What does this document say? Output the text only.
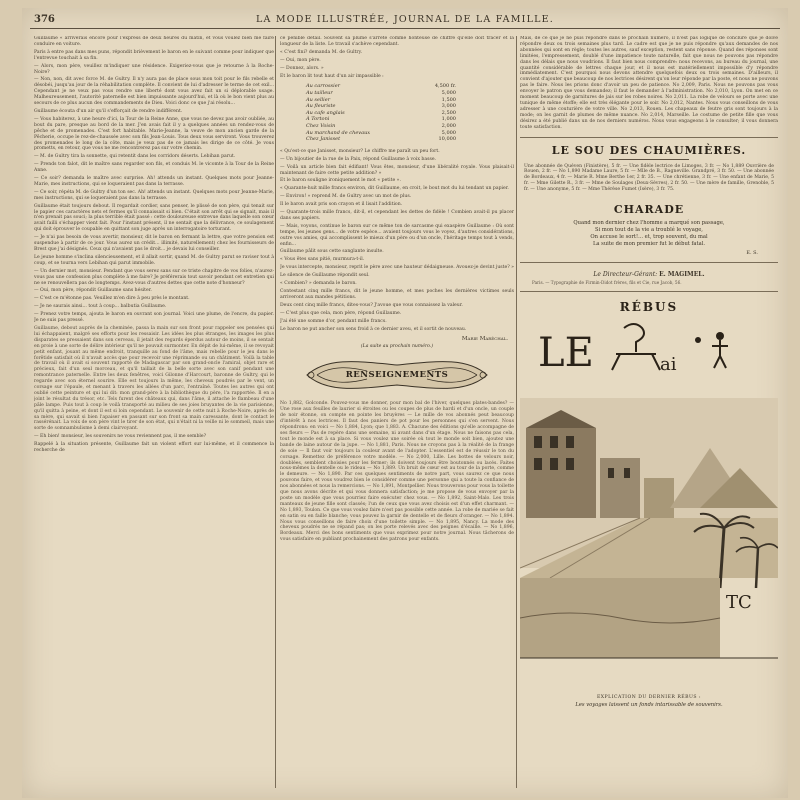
376	LA MODE ILLUSTRÉE, JOURNAL DE LA FAMILLE.

Guillaume « arriverais encore pour l'express de deux heures du matin, et vous voulez bien me faire conduire en voiture.

Paris à entre pas dans mes puns, répondit brièvement le baron en le suivant comme pour indiquer que l'entrevue touchait à sa fin.

— Alors, mon père, veuillez m'indiquer une résidence. Exigeriez-vous que je retourne à la Roche-Noire?

— Non, non, dit avec force M. de Gultry. Il n'y aura pas de place sous mon toit pour le fils rebelle et désobéi, jusqu'au jour de la réhabilitation complète. Il convient de lui d'adresser le terme de cet exil... Cependant je ne veux pas vous rendre une liberté dont vous avez fait un si déplorable usage. Malheureusement, l'autorité paternelle est bien impuissante aujourd'hui, et là où le bon vient plus au secours de ce plus aucun des commandements de Dieu. Voici donc ce que j'ai résolu...

Guillaume écouta d'un air qu'il s'efforçait de rendre indifférent.

— Vous habiterez, à une heure d'ici, la Tour de la Reine Anne, que vous ne devez pas avoir oubliée, au bout du pare, presque au bord de la mer. J'en avais fait il y a quelques années un rendez-vous de pêche et de promenades. C'est fort habitable. Marie-Jeanne, la veuve de mon ancien garde de la Pêcherie, occupe le rez-de-chaussée avec son fils Jean-Louis. Tous deux vous serviront. Vous trouverez des promenades le long de la côte, mais je veux pas de ce jamais les dirige de ce côté. Je vous prometts, en retour, que vous ne me rencontrerez pas sur votre chemin.

— M. de Gultry tira la sonnette, qui retentit dans les corridors déserts. Lebihan parut.

— Prends ton falot, dit le maître sans regarder son fils, et conduis M. le vicomte à la Tour de la Reine Anne.

— Ce soir? demanda le maître avec surprise. Ah! attends un instant. Quelques mots pour Jeanne-Marie, mes instructions, qui se loqueraient pas dans la terrasse.

— Ce soir, répéta M. de Gultry d'un ton sec. Ah! attends un instant. Quelques mots pour Jeanne-Marie, mes instructions, qui se loqueraient pas dans la terrasse.

Guillaume était toujours debout. Il regardait cordier, sans penser, le plissé de son père, qui tenait sur le papier ces caractères nets et fermes qu'il connaissait si bien. C'était son arrêt qui se signait, mais il n'en prenait pas souci; la plus terrible était passé : cette douloureuse entrevue dans laquelle son cœur avait failli s'échapper vient fait. Pour l'instant présent, il ne sentait que la délivrance, ce soulagement qui doit éprouver le coupable en quittant son juge après un interrogatoire torturant.

— Je n'ai pas besoin de vous avertir, monsieur, dit le baron en fermant la lettre, que votre pension est suspendue à partir de ce jour. Vous aurez un crédit... illimité, naturellement) chez les fournisseurs de Brest que j'ai désignés. Ceux qui n'avaient pas le droit... je devais lui conseiller.

Le jeune homme s'inclina silencieusement, et il allait sortir, quand M. de Gultry parut se raviser tout à coup, et se tourna vers Lebihan qui parut immobile.

— Un dernier mot, monsieur. Pendant que vous serez sans sur ce triste chapitre de vos folies, n'aurez-vous pas une confession plus complète à me faire? Je préférerais tout savoir pendant cet entretien qui ne se renouvellera pas de longtemps. Avez-vous d'autres dettes que cette note d'honneur?

— Oui, mon père, répondit Guillaume sans hésiter.

— C'est ce m'étonne pas. Veuillez m'en dire à peu près le montant.

— Je ne saurais ainsi... tout à coup... balbutia Guillaume.

— Prenez votre temps, ajouta le baron en ouvrant son journal. Voici une plume, de l'encre, du papier. Je ne suis pas pressé.

Guillaume, debout auprès de la cheminée, passa la main sur son front pour rappeler ses pensées qui lui échappaient, malgré ses efforts pour les ressaisir. Les idées les plus étranges, les images les plus disparates se pressaient dans son cerveau, il jetait des regards éperdus autour de moins, il se sentait en proie à une sorte de délire intérieur qu'il ne pouvait surmonter. En dépit de lui-même, il se revoyait petit enfant, jouant au même endroit, tranquille au fond de l'âme, mais rebelle pour le jeu dans le forêtide satisfait où il n'avait accès que pour recevoir une réprimande ou un châtiment. Voilà la table de travail où il avait si souvent rapporté de Madagascar par son grand-oncle l'amiral, objet rare et précieux, fait d'un seul morceau, et qu'il taillait de la belle sorte avec son canif pendant une remontrance paternelle. Entre les deux fenêtres, voici Gilonne d'Harcourt, baronne de Gultry, qui le regarde avec son éternel sourire. Elle est toujours la même, les cheveux poudrés par le vent, un corsage sur l'épaule, et menant à travers les allées d'un parc, l'entraîné. Toutes les autres qui ont oublié cette peinture et qui lui dit: mon grand-père à la bibliothèque du père, l'a rapportée. Il en a joint le résultat du trésor, etc. Tels furent des châteaux qui, dans l'âme, il attache le flambeau d'une pâle lampe. Puis tout à coup le voilà transporté au milieu de ses joies bruyantes de la vie parisienne, qu'il quitta à peine, et dont il est si loin cependant. Le souvenir de cette nuit à Roche-Noire, après de sa mère, qui savait si bien l'apaiser en passant sur son front sa main caressante, dont le contact le rassérénait. La voix de son père vint le tirer de son état, qui n'était ni la veille ni le sommeil, mais une sorte de somnambulisme à demi clairvoyant.

— Eh bien! monsieur, les souvenirs ne vous reviennent pas, il me semble?

Rappelé à la situation présente, Guillaume fait un violent effort sur lui-même, et il commence la recherche de

ce pénible détail. Souvent sa plume s'arrête comme honteuse de chiffre qu'elle doit tracer et la longueur de la liste. Le travail s'achève cependant.

« C'est fini? demanda M. de Gultry.

— Oui, mon père.

— Donnez, alors. »

Et le baron lit tout haut d'un air impassible :

Au carrossier	4,500 fr.
Au tailleur	5,000
Au sellier	1,500
Au fleuriste	3,000
Au cafe anglais	2,500
À Tortoni	1,000
Chez Voisin	2,000
Au marchand de chevaux	5,000
Chez Janisset	10,000

« Qu'est-ce que Janisset, monsieur? Le chiffre me paraît un peu fort.

— Un bijoutier de la rue de la Paix, répond Guillaume à voix basse.

— Voilà un article bien fait édifiant! Vous êtes, monsieur, d'une libéralité royale. Vous plaisait-il maintenant de faire cette petite addition? »

Et le baron souligne ironiquement le mot « petite ».

« Quarante-huit mille francs environ, dit Guillaume, en croit, le bout mot du lui tendant un papier.

— Environ! » reprend M. de Gultry avec un mot de plus.

Il le baron avait pris son crayon et il lisait l'addition.

— Quarante-trois mille francs, dit-il, et cependant les dettes de fidèle ! Combien avait-il pu placer dans ses papiers.

— Mais, voyons, continue le baron sur ce même ton de sarcasme qui exaspère Guillaume : Où sont tempe, les jeunes gens... de votre espèce... avaient toujours vous le voyez, d'autres considérations, outre vos amies, qui accomplissent le mieux d'un père ou d'un oncle, l'héritage temps tout à vends, enfin...

Guillaume pâlit sous cette sanglante insulte.

« Vous êtes sans pitié, murmura-t-il.

Je vous intercepte, monsieur, reprit le père avec une hauteur dédaigneuse. Avouez-je devint juste? »

Le silence de Guillaume répondit seul.

« Combien? » demanda le baron.

Contestant cinq mille francs, dit le jeune homme, et mes poches les dernières victimes seuls arriveront aux mandes pétitions.

Deux cent cinq mille francs, dites-vous? J'avoue que vous connaissez la valeur.

— C'est plus que cela, mon père, répond Guillaume.

J'ai été une somme d'or, pendant mille francs.

Le baron ne put ancher son sens froid à ce dernier aveu, et il sortit de nouveau.

Marie Maréchal.
(La suite au prochain numéro.)
RENSEIGNEMENTS

No 1,882, Golconde. Pouvez-vous me donner, pour mon bal de l'hiver, quelques plates-bandes? — Une rose aux feuilles de laurier si étroites ou les coupes de plus de hardi et d'un oncle, un couple de noir étonne, on compte en pointe les bruyères — Le mille de vos abonnés peut beaucoup d'intérêt à nos lectrices. Il faut des paniers de pot pour les personnes qui s'en servent. Nous répondrons: en voici — No 1,884, Lyon; que 1,883. A. Chacune des éditions qu'elle accompagne de ses fleurs — Pas de repère dans une semaine, ni avant dans d'un étage. Nous ne faisons pas cela, tout le monde est à sa place. Si vous voulez une soirée où tout le monde soit bien, ajoutez une bande de laine autour de la jupe. — No 1,881, Paris. Nous ne croyons pas à la réalité de la frange de soie — Il faut voir toujours la couleur avant de l'adopter. L'essentiel est de réussir le ton du corsage. Remettez de préférence votre modèle. — No 2,000, Lille. Les bottes de velours noir, doublées, semblent choisies pour les fermer; ils doivent toujours être boutonnés ou lacés. Faites nous-mêmes la dentelle ou le rideau — No 1,889. Un bruit de cœur est au tour de la porte, comme le demeure. — No 1,890. Par ces quelques sentiments de notre part, vous saurez ce que nous pouvons faire, et vous voudrez bien le considérer comme une personne qui a toute la confiance de nos abonnées et nous la remercions. — No 1,891, Montpellier. Nous trouverons pour vous la toilette que nous avons décrite et qui vous donnera satisfaction; je me propose de vous envoyer par la poste un modèle que vous pourriez faire exécuter chez vous. — No 1,892, Saint-Malo. Les trois manteaux de jeune fille sont classés; l'un de ceux que vous avez choisis est d'un effet charmant. — No 1,893, Toulon. Ce que vous voulez faire n'est pas possible cette année. La robe de mariée se fait en satin ou en faille blanche; vous pouvez la garnir de dentelle et de fleurs d'oranger. — No 1,894. Nous vous conseillons de faire choix d'une toilette simple. — No 1,895, Nancy. La mode des cheveux poudrés ne se répand pas; on les porte relevés avec des peignes d'écaille. — No 1,896, Bordeaux. Merci des bons sentiments que vous exprimez pour notre journal. Nous tâcherons de vous satisfaire en publiant prochainement des patrons pour enfants.

Mais, de ce que je ne puis répondre dans le prochain numéro, il n'est pas logique de conclure que je doive répondre deux ou trois semaines plus tard. Le cadre est que je ne puis répondre qu'aux demandes de nos abonnées qui sont en règle; toutes les autres, sauf exception, restent sans réponse. Quand des réponses sont limitées, l'empressement, doublé d'une impatience toute naturelle, fait que nous ne pouvons pas répondre dans les délais que nous voudrions. Il faut bien nous comprendre: nous recevons, au bureau du journal, une quantité considérable de lettres chaque jour, et il nous est matériellement impossible d'y répondre immédiatement. C'est pourquoi nous devons attendre quelquefois deux ou trois semaines. D'ailleurs, il convient d'ajouter que beaucoup de nos lectrices désirent qu'on leur réponde par la poste, et nous ne pouvons pas le faire. Nous les prions donc d'avoir un peu de patience. No 2,009, Paris. Nous ne pouvons pas vous envoyer le patron que vous demandez; il faut le demander à l'administration. No 2,010, Lyon. On met en ce moment beaucoup de garnitures de jais sur les robes noires. No 2,011. La robe de velours se porte avec une tunique de même étoffe; elle est très élégante pour le soir. No 2,012, Nantes. Nous vous conseillons de vous adresser à une couturière de votre ville. No 2,013, Rouen. Les chapeaux de feutre gris sont toujours à la mode; on les garnit de plumes de même nuance. No 2,014, Marseille. Le costume de petite fille que vous désirez a été publié dans un de nos derniers numéros. Nous vous engageons à le consulter; il vous donnera toute satisfaction.

LE SOU DES CHAUMIÈRES.

Une abonnée de Quéven (Finistère), 5 fr. — Une fidèle lectrice de Limoges, 3 fr. — No 1,889 Ouvrière de Rouen, 2 fr. — No 1,890 Madame Laure, 5 fr. — Mlle de B., Ragneville. Grandpré, 3 fr. 50. — Une abonnée de Bordeaux, 4 fr. — Marie R. Mme Berthe 1er, 2 fr. 35. — Une chrétienne, 3 fr. — Une enfant de Marie, 5 fr. — Mme Gilette R., 3 fr. — Mme de Soulages (Deux-Sèvres), 2 fr. 50. — Une mère de famille, Grenoble, 5 fr. — Une anonyme, 5 fr. — Mme Thérèse Fumet (Isère), 3 fr. 75.

CHARADE
Quand mon dernier chez l'homme a marqué son passage,
Si mon tout de la vie a troublé le voyage,
On accuse le sort!... et, trop souvent, du mal
La suite de mon premier fut le début fatal.
E. S.
Le Directeur-Gérant: E. MAGIMEL.
Paris. — Typographie de Firmin-Didot frères, fils et Cie, rue Jacob, 56.
RÉBUS
LE	ai
TC
EXPLICATION DU DERNIER RÉBUS :
Les voyages laissent un fonds intarissable de souvenirs.
